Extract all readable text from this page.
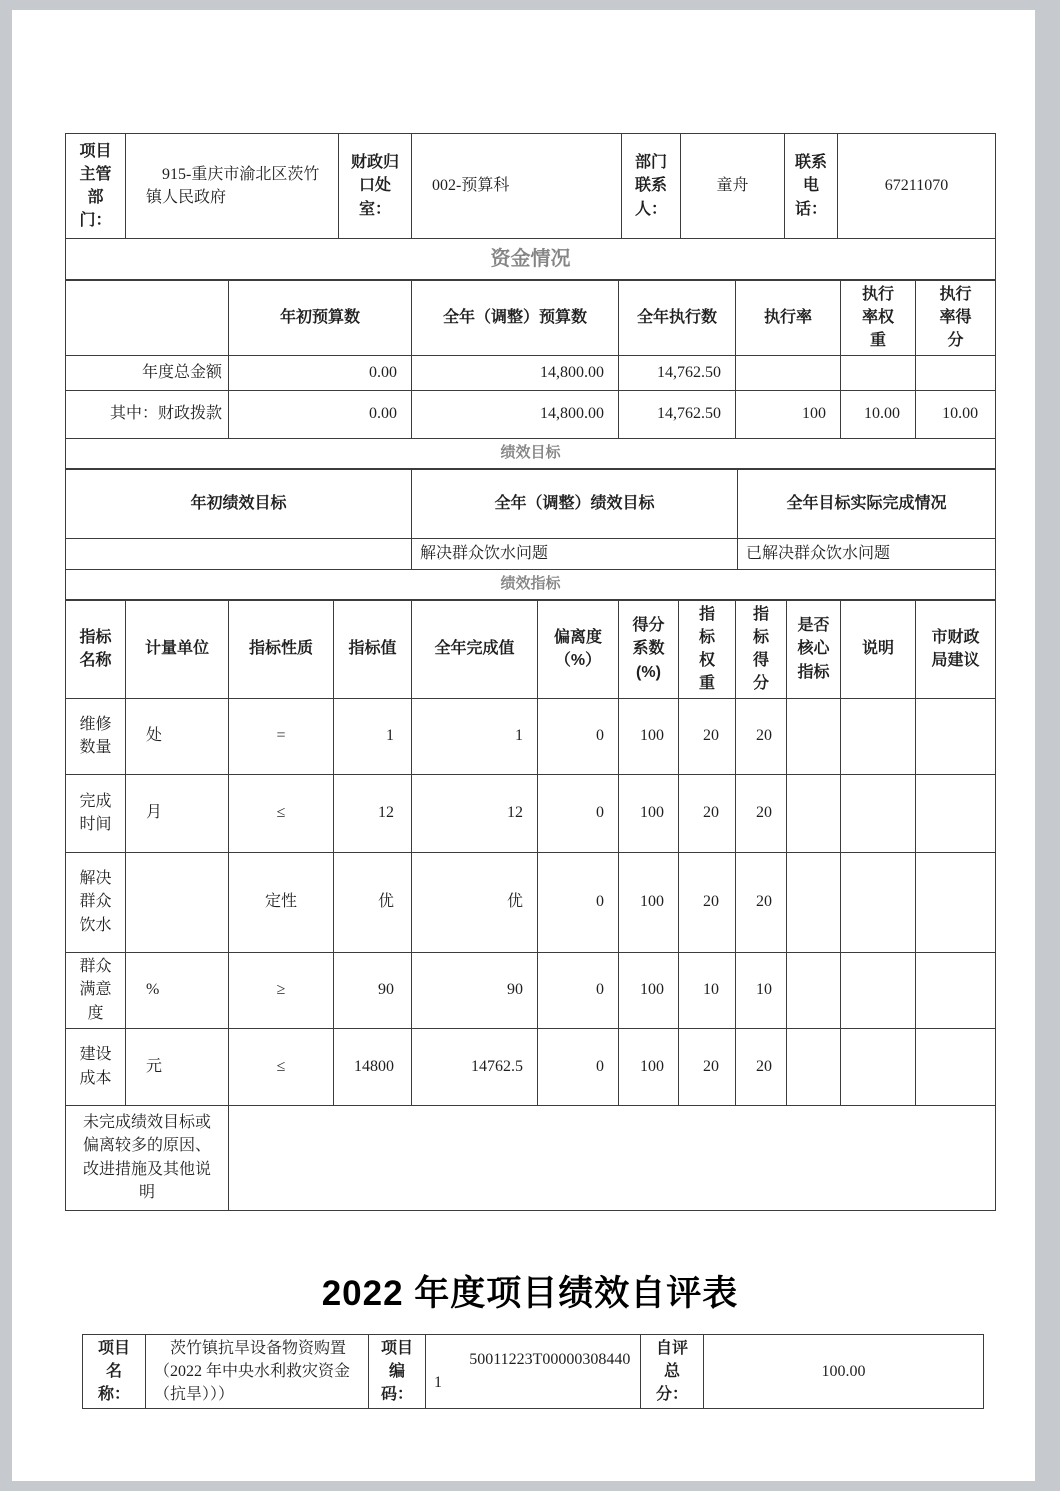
项目主管部门：	915-重庆市渝北区茨竹镇人民政府	财政归口处室：	002-预算科	部门联系人：	童舟	联系电话：	67211070
资金情况						
	年初预算数	全年（调整）预算数	全年执行数	执行率	执行率权重	执行率得分
年度总金额	0.00	14,800.00	14,762.50			
其中：财政拨款	0.00	14,800.00	14,762.50	100	10.00	10.00
绩效目标		
年初绩效目标	全年（调整）绩效目标	全年目标实际完成情况
	解决群众饮水问题	已解决群众饮水问题
绩效指标											
指标名称	计量单位	指标性质	指标值	全年完成值	偏离度（%）	得分系数(%)	指标权重	指标得分	是否核心指标	说明	市财政局建议
维修数量	处	=	1	1	0	100	20	20			
完成时间	月	≤	12	12	0	100	20	20			
解决群众饮水		定性	优	优	0	100	20	20			
群众满意度	%	≥	90	90	0	100	10	10			
建设成本	元	≤	14800	14762.5	0	100	20	20			
未完成绩效目标或偏离较多的原因、改进措施及其他说明											
2022 年度项目绩效自评表
项目名称：	茨竹镇抗旱设备物资购置（2022 年中央水利救灾资金（抗旱）））	项目编码：	50011223T000003084401	自评总分：	100.00
